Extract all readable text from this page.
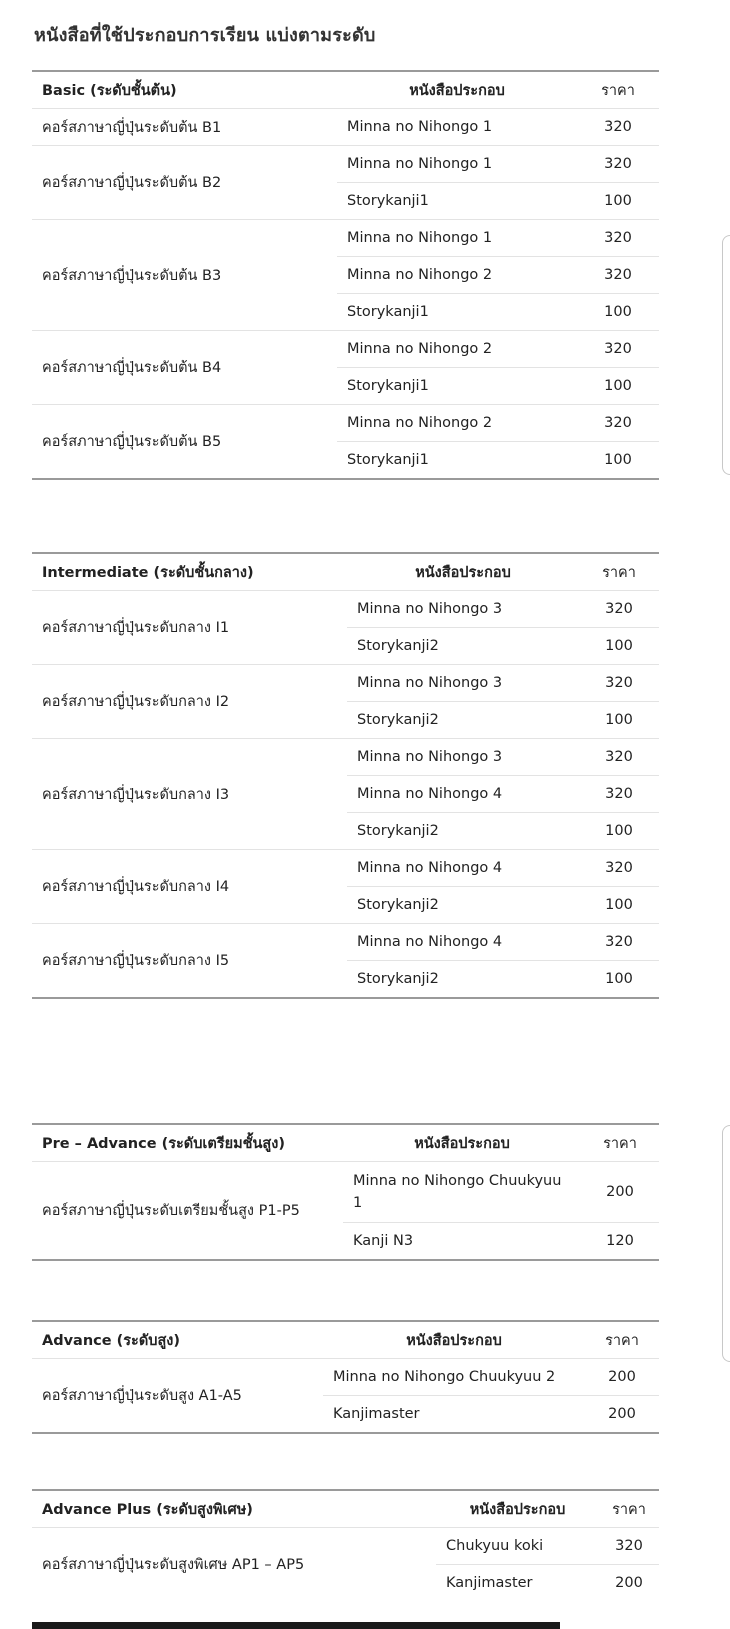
หนังสือที่ใช้ประกอบการเรียน แบ่งตามระดับ
Basic (ระดับชั้นต้น)	หนังสือประกอบ	ราคา
คอร์สภาษาญี่ปุ่นระดับต้น B1	Minna no Nihongo 1	320
คอร์สภาษาญี่ปุ่นระดับต้น B2	Minna no Nihongo 1	320
	Storykanji1	100
คอร์สภาษาญี่ปุ่นระดับต้น B3	Minna no Nihongo 1	320
	Minna no Nihongo 2	320
	Storykanji1	100
คอร์สภาษาญี่ปุ่นระดับต้น B4	Minna no Nihongo 2	320
	Storykanji1	100
คอร์สภาษาญี่ปุ่นระดับต้น B5	Minna no Nihongo 2	320
	Storykanji1	100
Intermediate (ระดับชั้นกลาง)	หนังสือประกอบ	ราคา
คอร์สภาษาญี่ปุ่นระดับกลาง I1	Minna no Nihongo 3	320
	Storykanji2	100
คอร์สภาษาญี่ปุ่นระดับกลาง I2	Minna no Nihongo 3	320
	Storykanji2	100
คอร์สภาษาญี่ปุ่นระดับกลาง I3	Minna no Nihongo 3	320
	Minna no Nihongo 4	320
	Storykanji2	100
คอร์สภาษาญี่ปุ่นระดับกลาง I4	Minna no Nihongo 4	320
	Storykanji2	100
คอร์สภาษาญี่ปุ่นระดับกลาง I5	Minna no Nihongo 4	320
	Storykanji2	100
Pre – Advance (ระดับเตรียมชั้นสูง)	หนังสือประกอบ	ราคา
คอร์สภาษาญี่ปุ่นระดับเตรียมชั้นสูง P1-P5	Minna no Nihongo Chuukyuu 1	200
	Kanji N3	120
Advance (ระดับสูง)	หนังสือประกอบ	ราคา
คอร์สภาษาญี่ปุ่นระดับสูง A1-A5	Minna no Nihongo Chuukyuu 2	200
	Kanjimaster	200
Advance Plus (ระดับสูงพิเศษ)	หนังสือประกอบ	ราคา
คอร์สภาษาญี่ปุ่นระดับสูงพิเศษ AP1 – AP5	Chukyuu koki	320
	Kanjimaster	200
